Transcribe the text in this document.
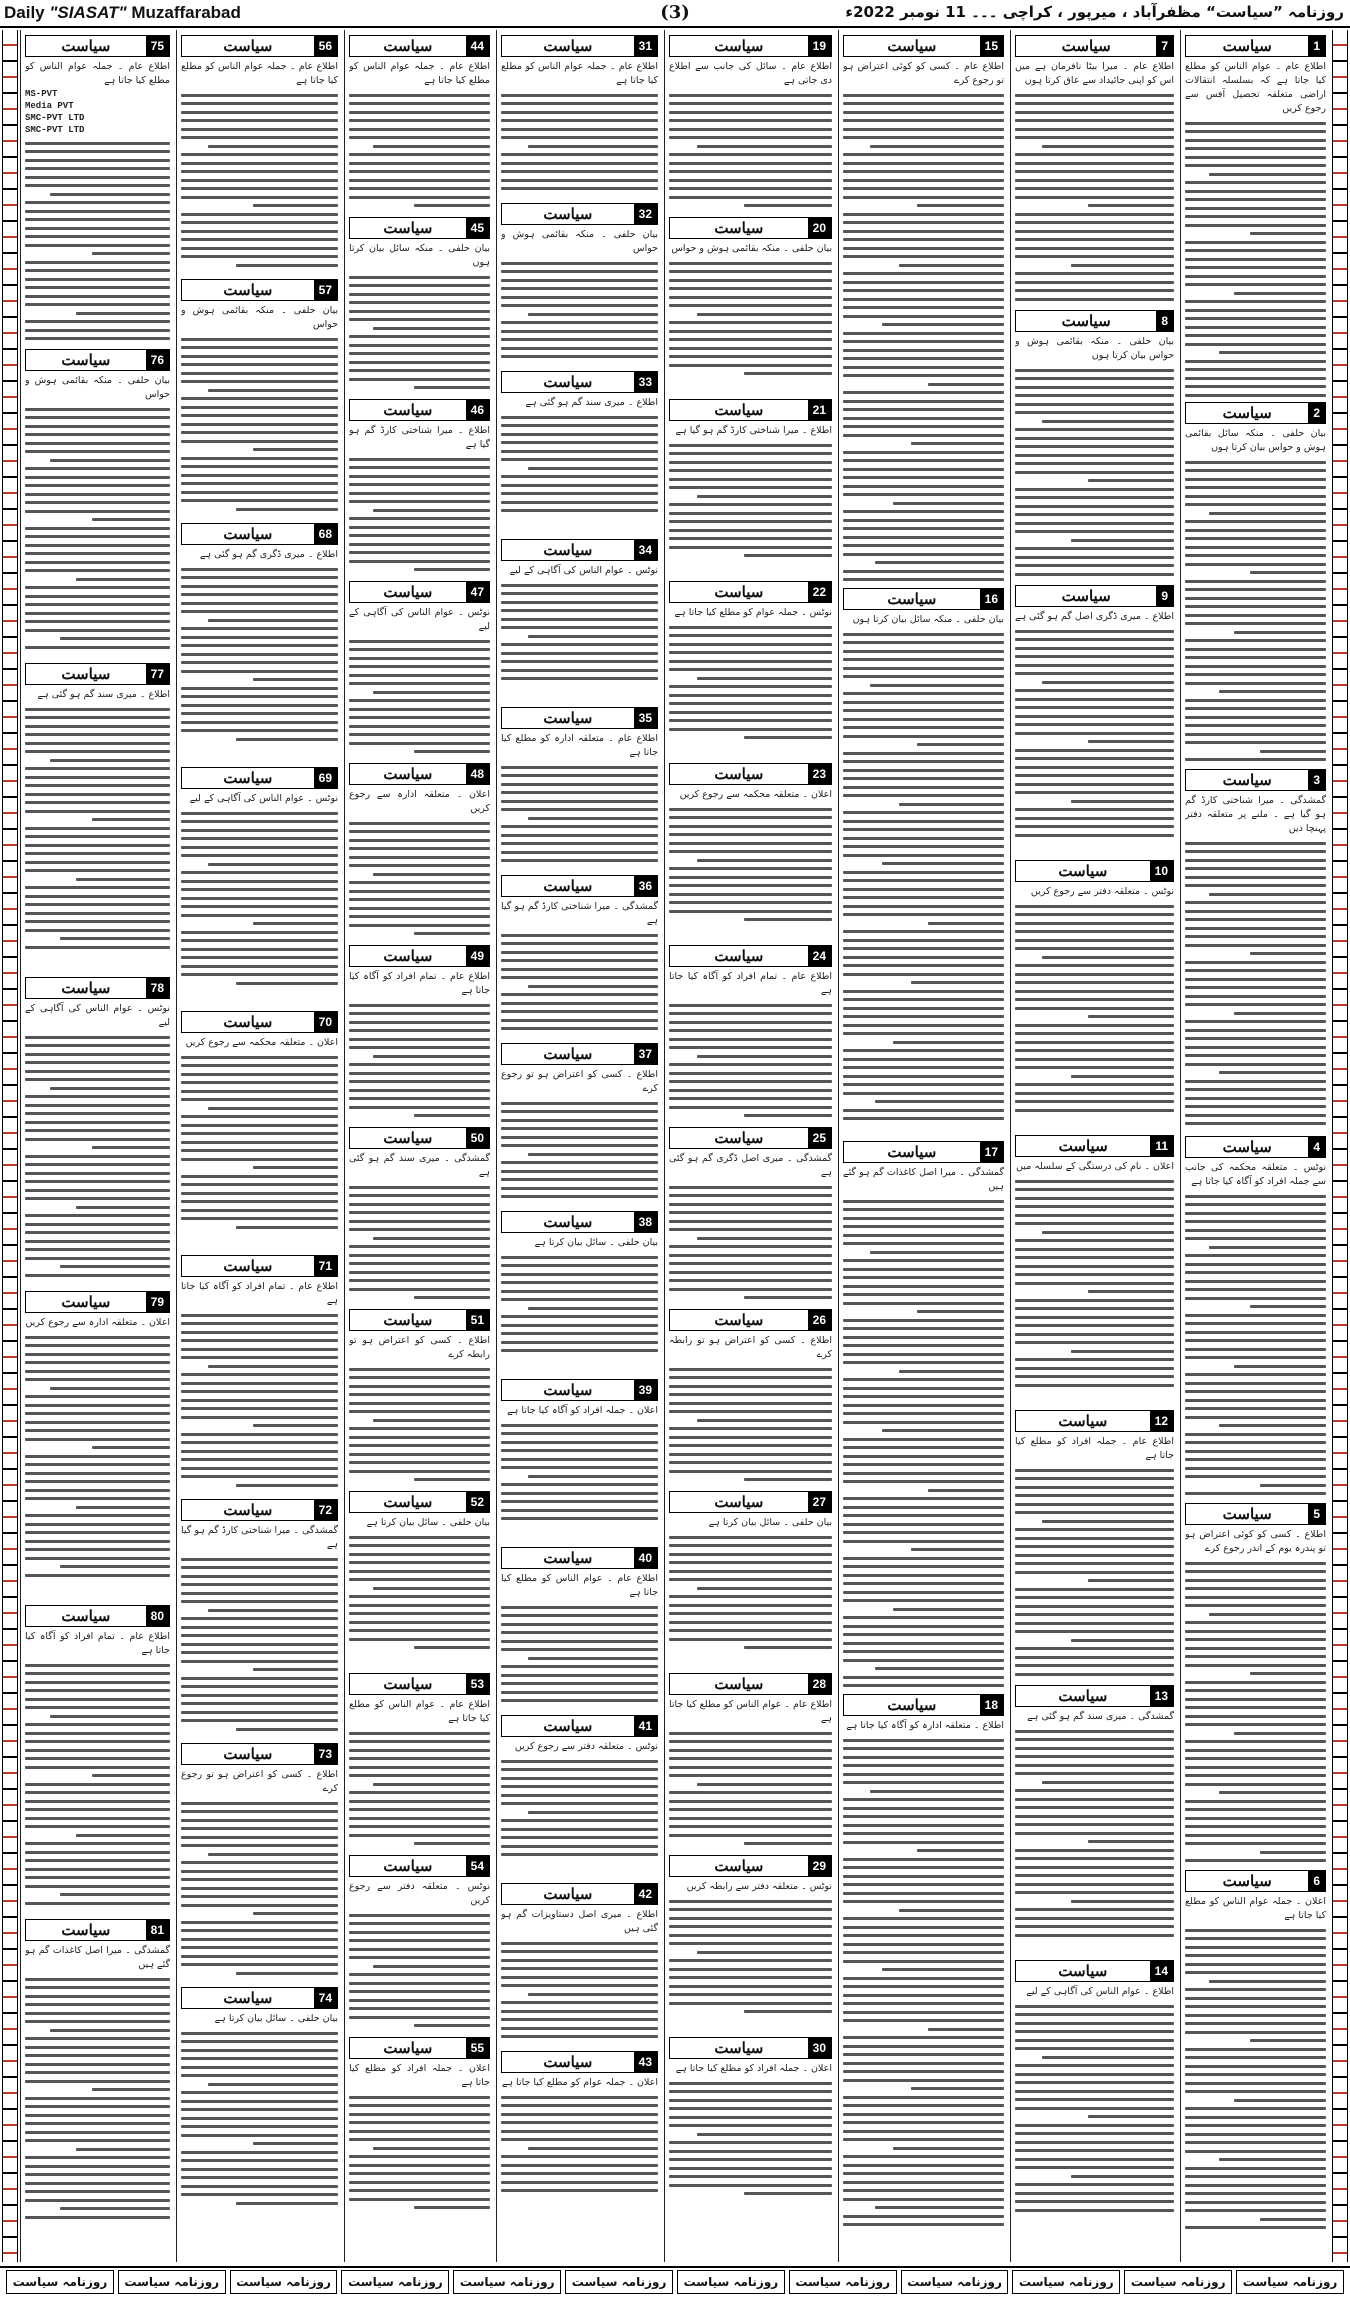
Daily "SIASAT" Muzaffarabad	(3)	روزنامہ ”سیاست“ مظفرآباد ، میرپور ، کراچی ۔۔۔ 11 نومبر 2022ء
سیاست	1
اطلاع عام ۔ عوام الناس کو مطلع کیا جاتا ہے کہ بسلسلہ انتقالات اراضی متعلقہ تحصیل آفس سے رجوع کریں
سیاست	2
بیان حلفی ۔ منکہ سائل بقائمی ہوش و حواس بیان کرتا ہوں
سیاست	3
گمشدگی ۔ میرا شناختی کارڈ گم ہو گیا ہے ۔ ملنے پر متعلقہ دفتر پہنچا دیں
سیاست	4
نوٹس ۔ متعلقہ محکمہ کی جانب سے جملہ افراد کو آگاہ کیا جاتا ہے
سیاست	5
اطلاع ۔ کسی کو کوئی اعتراض ہو تو پندرہ یوم کے اندر رجوع کرے
سیاست	6
اعلان ۔ جملہ عوام الناس کو مطلع کیا جاتا ہے
سیاست	7
اطلاع عام ۔ میرا بیٹا نافرمان ہے میں اس کو اپنی جائیداد سے عاق کرتا ہوں
سیاست	8
بیان حلفی ۔ منکہ بقائمی ہوش و حواس بیان کرتا ہوں
سیاست	9
اطلاع ۔ میری ڈگری اصل گم ہو گئی ہے
سیاست	10
نوٹس ۔ متعلقہ دفتر سے رجوع کریں
سیاست	11
اعلان ۔ نام کی درستگی کے سلسلہ میں
سیاست	12
اطلاع عام ۔ جملہ افراد کو مطلع کیا جاتا ہے
سیاست	13
گمشدگی ۔ میری سند گم ہو گئی ہے
سیاست	14
اطلاع ۔ عوام الناس کی آگاہی کے لیے
سیاست	15
اطلاع عام ۔ کسی کو کوئی اعتراض ہو تو رجوع کرے
سیاست	16
بیان حلفی ۔ منکہ سائل بیان کرتا ہوں
سیاست	17
گمشدگی ۔ میرا اصل کاغذات گم ہو گئے ہیں
سیاست	18
اطلاع ۔ متعلقہ ادارہ کو آگاہ کیا جاتا ہے
سیاست	19
اطلاع عام ۔ سائل کی جانب سے اطلاع دی جاتی ہے
سیاست	20
بیان حلفی ۔ منکہ بقائمی ہوش و حواس
سیاست	21
اطلاع ۔ میرا شناختی کارڈ گم ہو گیا ہے
سیاست	22
نوٹس ۔ جملہ عوام کو مطلع کیا جاتا ہے
سیاست	23
اعلان ۔ متعلقہ محکمہ سے رجوع کریں
سیاست	24
اطلاع عام ۔ تمام افراد کو آگاہ کیا جاتا ہے
سیاست	25
گمشدگی ۔ میری اصل ڈگری گم ہو گئی ہے
سیاست	26
اطلاع ۔ کسی کو اعتراض ہو تو رابطہ کرے
سیاست	27
بیان حلفی ۔ سائل بیان کرتا ہے
سیاست	28
اطلاع عام ۔ عوام الناس کو مطلع کیا جاتا ہے
سیاست	29
نوٹس ۔ متعلقہ دفتر سے رابطہ کریں
سیاست	30
اعلان ۔ جملہ افراد کو مطلع کیا جاتا ہے
سیاست	31
اطلاع عام ۔ جملہ عوام الناس کو مطلع کیا جاتا ہے
سیاست	32
بیان حلفی ۔ منکہ بقائمی ہوش و حواس
سیاست	33
اطلاع ۔ میری سند گم ہو گئی ہے
سیاست	34
نوٹس ۔ عوام الناس کی آگاہی کے لیے
سیاست	35
اطلاع عام ۔ متعلقہ ادارہ کو مطلع کیا جاتا ہے
سیاست	36
گمشدگی ۔ میرا شناختی کارڈ گم ہو گیا ہے
سیاست	37
اطلاع ۔ کسی کو اعتراض ہو تو رجوع کرے
سیاست	38
بیان حلفی ۔ سائل بیان کرتا ہے
سیاست	39
اعلان ۔ جملہ افراد کو آگاہ کیا جاتا ہے
سیاست	40
اطلاع عام ۔ عوام الناس کو مطلع کیا جاتا ہے
سیاست	41
نوٹس ۔ متعلقہ دفتر سے رجوع کریں
سیاست	42
اطلاع ۔ میری اصل دستاویزات گم ہو گئی ہیں
سیاست	43
اعلان ۔ جملہ عوام کو مطلع کیا جاتا ہے
سیاست	44
اطلاع عام ۔ جملہ عوام الناس کو مطلع کیا جاتا ہے
سیاست	45
بیان حلفی ۔ منکہ سائل بیان کرتا ہوں
سیاست	46
اطلاع ۔ میرا شناختی کارڈ گم ہو گیا ہے
سیاست	47
نوٹس ۔ عوام الناس کی آگاہی کے لیے
سیاست	48
اعلان ۔ متعلقہ ادارہ سے رجوع کریں
سیاست	49
اطلاع عام ۔ تمام افراد کو آگاہ کیا جاتا ہے
سیاست	50
گمشدگی ۔ میری سند گم ہو گئی ہے
سیاست	51
اطلاع ۔ کسی کو اعتراض ہو تو رابطہ کرے
سیاست	52
بیان حلفی ۔ سائل بیان کرتا ہے
سیاست	53
اطلاع عام ۔ عوام الناس کو مطلع کیا جاتا ہے
سیاست	54
نوٹس ۔ متعلقہ دفتر سے رجوع کریں
سیاست	55
اعلان ۔ جملہ افراد کو مطلع کیا جاتا ہے
سیاست	56
اطلاع عام ۔ جملہ عوام الناس کو مطلع کیا جاتا ہے
سیاست	57
بیان حلفی ۔ منکہ بقائمی ہوش و حواس
سیاست	68
اطلاع ۔ میری ڈگری گم ہو گئی ہے
سیاست	69
نوٹس ۔ عوام الناس کی آگاہی کے لیے
سیاست	70
اعلان ۔ متعلقہ محکمہ سے رجوع کریں
سیاست	71
اطلاع عام ۔ تمام افراد کو آگاہ کیا جاتا ہے
سیاست	72
گمشدگی ۔ میرا شناختی کارڈ گم ہو گیا ہے
سیاست	73
اطلاع ۔ کسی کو اعتراض ہو تو رجوع کرے
سیاست	74
بیان حلفی ۔ سائل بیان کرتا ہے
سیاست	75
اطلاع عام ۔ جملہ عوام الناس کو مطلع کیا جاتا ہے
MS-PVT
Media PVT
SMC-PVT LTD
SMC-PVT LTD
سیاست	76
بیان حلفی ۔ منکہ بقائمی ہوش و حواس
سیاست	77
اطلاع ۔ میری سند گم ہو گئی ہے
سیاست	78
نوٹس ۔ عوام الناس کی آگاہی کے لیے
سیاست	79
اعلان ۔ متعلقہ ادارہ سے رجوع کریں
سیاست	80
اطلاع عام ۔ تمام افراد کو آگاہ کیا جاتا ہے
سیاست	81
گمشدگی ۔ میرا اصل کاغذات گم ہو گئے ہیں
روزنامہ سیاست	روزنامہ سیاست	روزنامہ سیاست	روزنامہ سیاست	روزنامہ سیاست	روزنامہ سیاست	روزنامہ سیاست	روزنامہ سیاست	روزنامہ سیاست	روزنامہ سیاست	روزنامہ سیاست	روزنامہ سیاست
